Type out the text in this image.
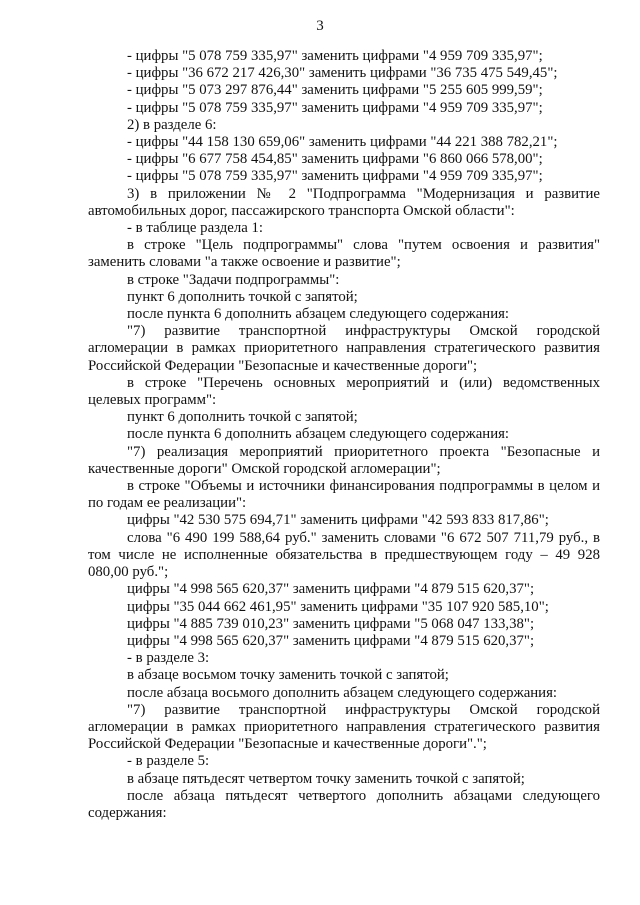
3

- цифры "5 078 759 335,97" заменить цифрами "4 959 709 335,97";

- цифры "36 672 217 426,30" заменить цифрами "36 735 475 549,45";

- цифры "5 073 297 876,44" заменить цифрами "5 255 605 999,59";

- цифры "5 078 759 335,97" заменить цифрами "4 959 709 335,97";

2) в разделе 6:

- цифры "44 158 130 659,06" заменить цифрами "44 221 388 782,21";

- цифры "6 677 758 454,85" заменить цифрами "6 860 066 578,00";

- цифры "5 078 759 335,97" заменить цифрами "4 959 709 335,97";

3) в приложении № 2 "Подпрограмма "Модернизация и развитие автомобильных дорог, пассажирского транспорта Омской области":

- в таблице раздела 1:

в строке "Цель подпрограммы" слова "путем освоения и развития" заменить словами "а также освоение и развитие";

в строке "Задачи подпрограммы":

пункт 6 дополнить точкой с запятой;

после пункта 6 дополнить абзацем следующего содержания:

"7) развитие транспортной инфраструктуры Омской городской агломерации в рамках приоритетного направления стратегического развития Российской Федерации "Безопасные и качественные дороги";

в строке "Перечень основных мероприятий и (или) ведомственных целевых программ":

пункт 6 дополнить точкой с запятой;

после пункта 6 дополнить абзацем следующего содержания:

"7) реализация мероприятий приоритетного проекта "Безопасные и качественные дороги" Омской городской агломерации";

в строке "Объемы и источники финансирования подпрограммы в целом и по годам ее реализации":

цифры "42 530 575 694,71" заменить цифрами "42 593 833 817,86";

слова "6 490 199 588,64 руб." заменить словами "6 672 507 711,79 руб., в том числе не исполненные обязательства в предшествующем году – 49 928 080,00 руб.";

цифры "4 998 565 620,37" заменить цифрами "4 879 515 620,37";

цифры "35 044 662 461,95" заменить цифрами "35 107 920 585,10";

цифры "4 885 739 010,23" заменить цифрами "5 068 047 133,38";

цифры "4 998 565 620,37" заменить цифрами "4 879 515 620,37";

- в разделе 3:

в абзаце восьмом точку заменить точкой с запятой;

после абзаца восьмого дополнить абзацем следующего содержания:

"7) развитие транспортной инфраструктуры Омской городской агломерации в рамках приоритетного направления стратегического развития Российской Федерации "Безопасные и качественные дороги".";

- в разделе 5:

в абзаце пятьдесят четвертом точку заменить точкой с запятой;

после абзаца пятьдесят четвертого дополнить абзацами следующего содержания:
